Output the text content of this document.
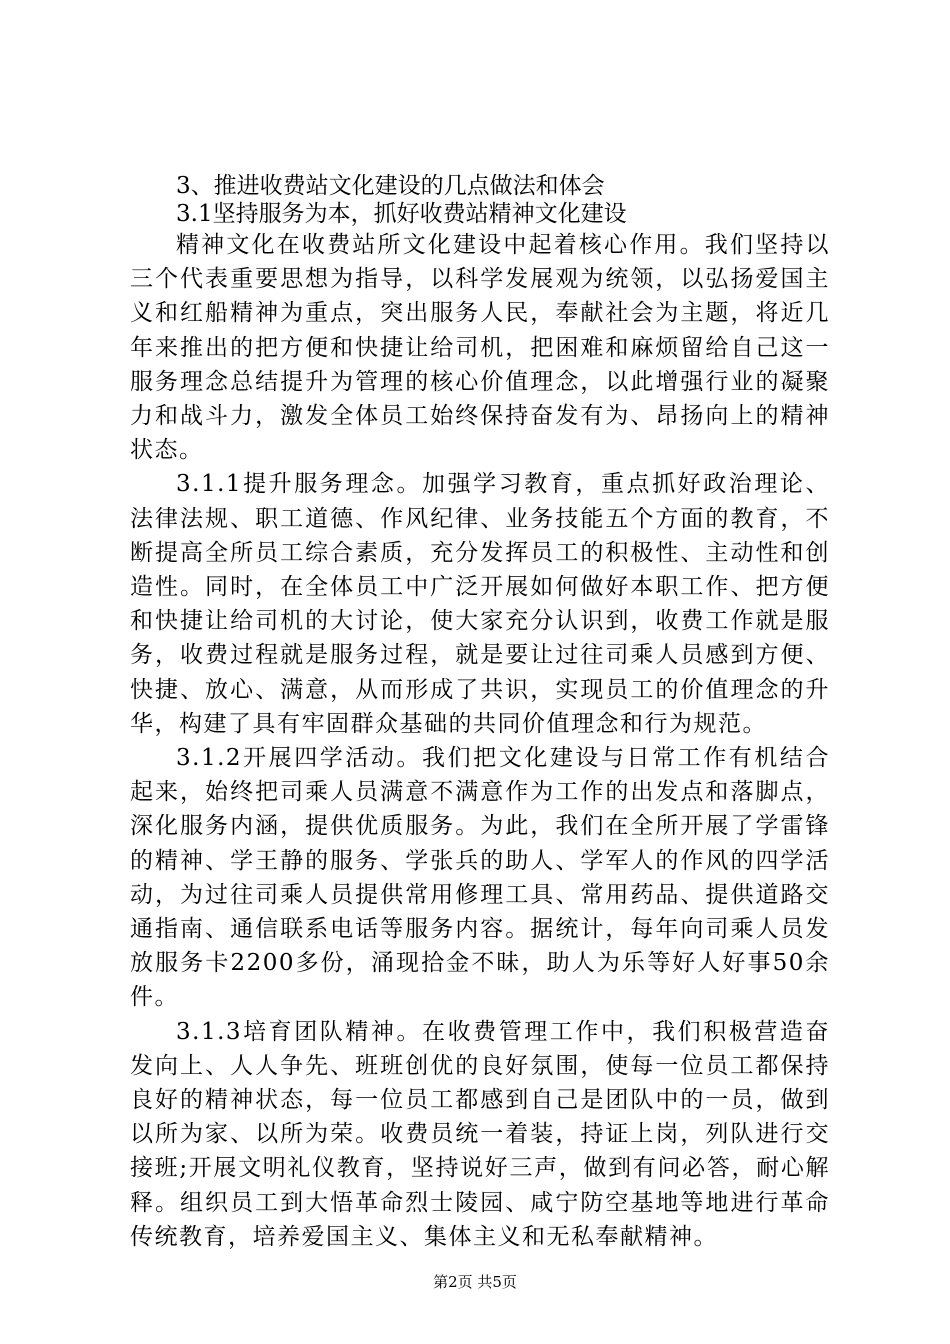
3、推进收费站文化建设的几点做法和体会

3.1坚持服务为本，抓好收费站精神文化建设

精神文化在收费站所文化建设中起着核心作用。我们坚持以三个代表重要思想为指导，以科学发展观为统领，以弘扬爱国主义和红船精神为重点，突出服务人民，奉献社会为主题，将近几年来推出的把方便和快捷让给司机，把困难和麻烦留给自己这一服务理念总结提升为管理的核心价值理念，以此增强行业的凝聚力和战斗力，激发全体员工始终保持奋发有为、昂扬向上的精神状态。

3.1.1提升服务理念。加强学习教育，重点抓好政治理论、法律法规、职工道德、作风纪律、业务技能五个方面的教育，不断提高全所员工综合素质，充分发挥员工的积极性、主动性和创造性。同时，在全体员工中广泛开展如何做好本职工作、把方便和快捷让给司机的大讨论，使大家充分认识到，收费工作就是服务，收费过程就是服务过程，就是要让过往司乘人员感到方便、快捷、放心、满意，从而形成了共识，实现员工的价值理念的升华，构建了具有牢固群众基础的共同价值理念和行为规范。

3.1.2开展四学活动。我们把文化建设与日常工作有机结合起来，始终把司乘人员满意不满意作为工作的出发点和落脚点，深化服务内涵，提供优质服务。为此，我们在全所开展了学雷锋的精神、学王静的服务、学张兵的助人、学军人的作风的四学活动，为过往司乘人员提供常用修理工具、常用药品、提供道路交通指南、通信联系电话等服务内容。据统计，每年向司乘人员发放服务卡2200多份，涌现拾金不昧，助人为乐等好人好事50余件。

3.1.3培育团队精神。在收费管理工作中，我们积极营造奋发向上、人人争先、班班创优的良好氛围，使每一位员工都保持良好的精神状态，每一位员工都感到自己是团队中的一员，做到以所为家、以所为荣。收费员统一着装，持证上岗，列队进行交接班;开展文明礼仪教育，坚持说好三声，做到有问必答，耐心解释。组织员工到大悟革命烈士陵园、咸宁防空基地等地进行革命传统教育，培养爱国主义、集体主义和无私奉献精神。

第2页 共5页
